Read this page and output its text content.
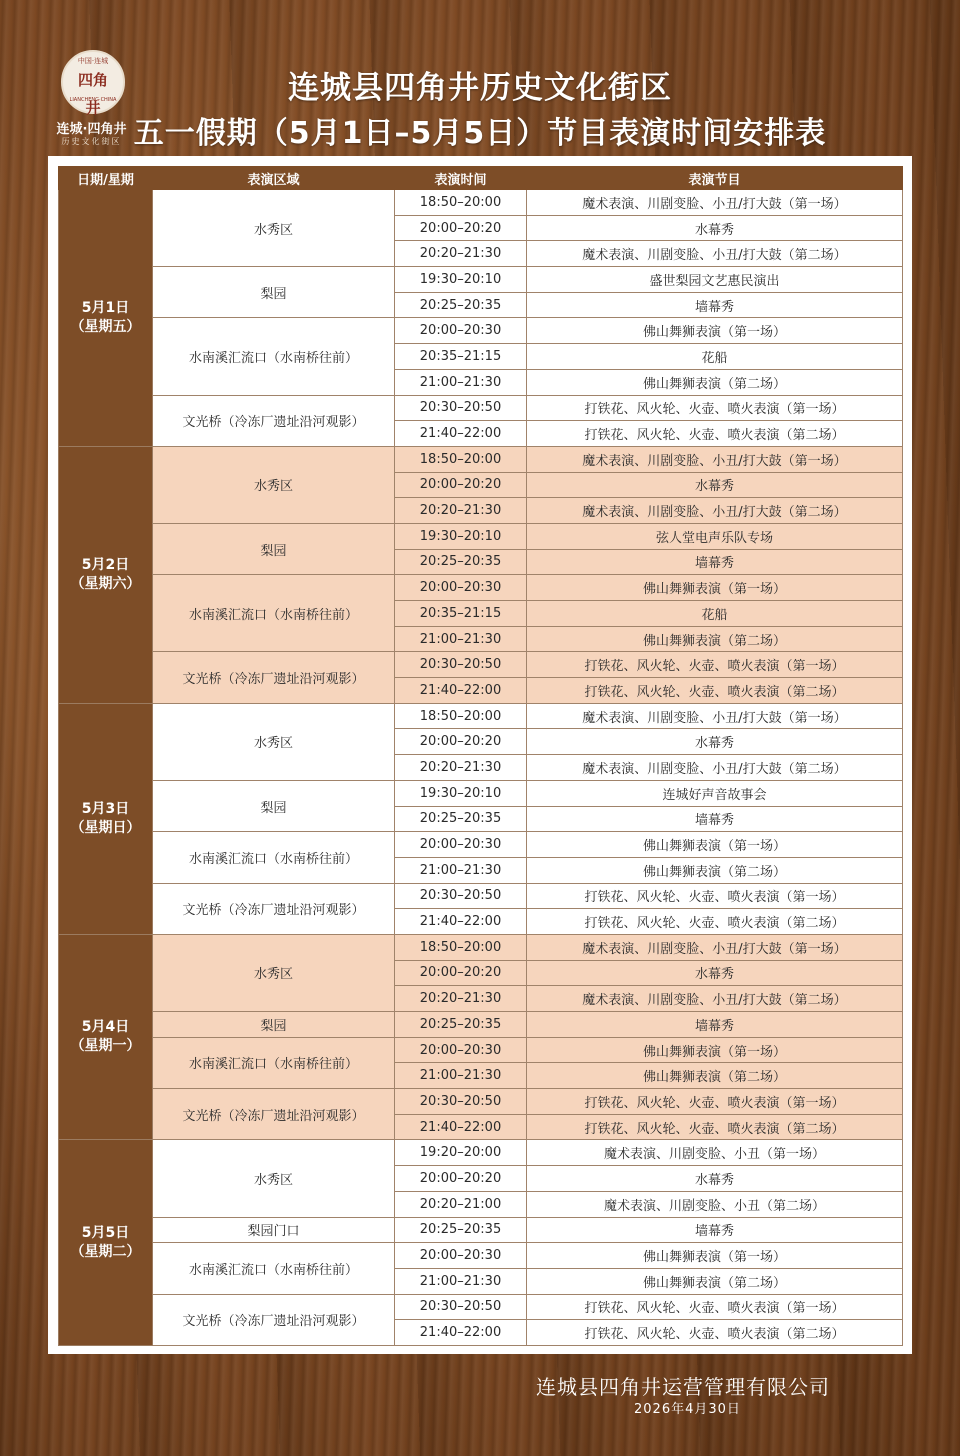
中国·连城
四角井
LIANCHENG·CHINA
连城·四角井
历史文化街区
连城县四角井历史文化街区
五一假期（5月1日–5月5日）节目表演时间安排表
日期/星期	表演区域	表演时间	表演节目

5月1日
（星期五）	水秀区	18:50–20:00	魔术表演、川剧变脸、小丑/打大鼓（第一场）
		20:00–20:20	水幕秀
		20:20–21:30	魔术表演、川剧变脸、小丑/打大鼓（第二场）
	梨园	19:30–20:10	盛世梨园文艺惠民演出
		20:25–20:35	墙幕秀
	水南溪汇流口（水南桥往前）	20:00–20:30	佛山舞狮表演（第一场）
		20:35–21:15	花船
		21:00–21:30	佛山舞狮表演（第二场）
	文光桥（冷冻厂遗址沿河观影）	20:30–20:50	打铁花、风火轮、火壶、喷火表演（第一场）
		21:40–22:00	打铁花、风火轮、火壶、喷火表演（第二场）

5月2日
（星期六）	水秀区	18:50–20:00	魔术表演、川剧变脸、小丑/打大鼓（第一场）
		20:00–20:20	水幕秀
		20:20–21:30	魔术表演、川剧变脸、小丑/打大鼓（第二场）
	梨园	19:30–20:10	弦人堂电声乐队专场
		20:25–20:35	墙幕秀
	水南溪汇流口（水南桥往前）	20:00–20:30	佛山舞狮表演（第一场）
		20:35–21:15	花船
		21:00–21:30	佛山舞狮表演（第二场）
	文光桥（冷冻厂遗址沿河观影）	20:30–20:50	打铁花、风火轮、火壶、喷火表演（第一场）
		21:40–22:00	打铁花、风火轮、火壶、喷火表演（第二场）

5月3日
（星期日）	水秀区	18:50–20:00	魔术表演、川剧变脸、小丑/打大鼓（第一场）
		20:00–20:20	水幕秀
		20:20–21:30	魔术表演、川剧变脸、小丑/打大鼓（第二场）
	梨园	19:30–20:10	连城好声音故事会
		20:25–20:35	墙幕秀
	水南溪汇流口（水南桥往前）	20:00–20:30	佛山舞狮表演（第一场）
		21:00–21:30	佛山舞狮表演（第二场）
	文光桥（冷冻厂遗址沿河观影）	20:30–20:50	打铁花、风火轮、火壶、喷火表演（第一场）
		21:40–22:00	打铁花、风火轮、火壶、喷火表演（第二场）

5月4日
（星期一）	水秀区	18:50–20:00	魔术表演、川剧变脸、小丑/打大鼓（第一场）
		20:00–20:20	水幕秀
		20:20–21:30	魔术表演、川剧变脸、小丑/打大鼓（第二场）
	梨园	20:25–20:35	墙幕秀
	水南溪汇流口（水南桥往前）	20:00–20:30	佛山舞狮表演（第一场）
		21:00–21:30	佛山舞狮表演（第二场）
	文光桥（冷冻厂遗址沿河观影）	20:30–20:50	打铁花、风火轮、火壶、喷火表演（第一场）
		21:40–22:00	打铁花、风火轮、火壶、喷火表演（第二场）

5月5日
（星期二）	水秀区	19:20–20:00	魔术表演、川剧变脸、小丑（第一场）
		20:00–20:20	水幕秀
		20:20–21:00	魔术表演、川剧变脸、小丑（第二场）
	梨园门口	20:25–20:35	墙幕秀
	水南溪汇流口（水南桥往前）	20:00–20:30	佛山舞狮表演（第一场）
		21:00–21:30	佛山舞狮表演（第二场）
	文光桥（冷冻厂遗址沿河观影）	20:30–20:50	打铁花、风火轮、火壶、喷火表演（第一场）
		21:40–22:00	打铁花、风火轮、火壶、喷火表演（第二场）
连城县四角井运营管理有限公司
2026年4月30日
